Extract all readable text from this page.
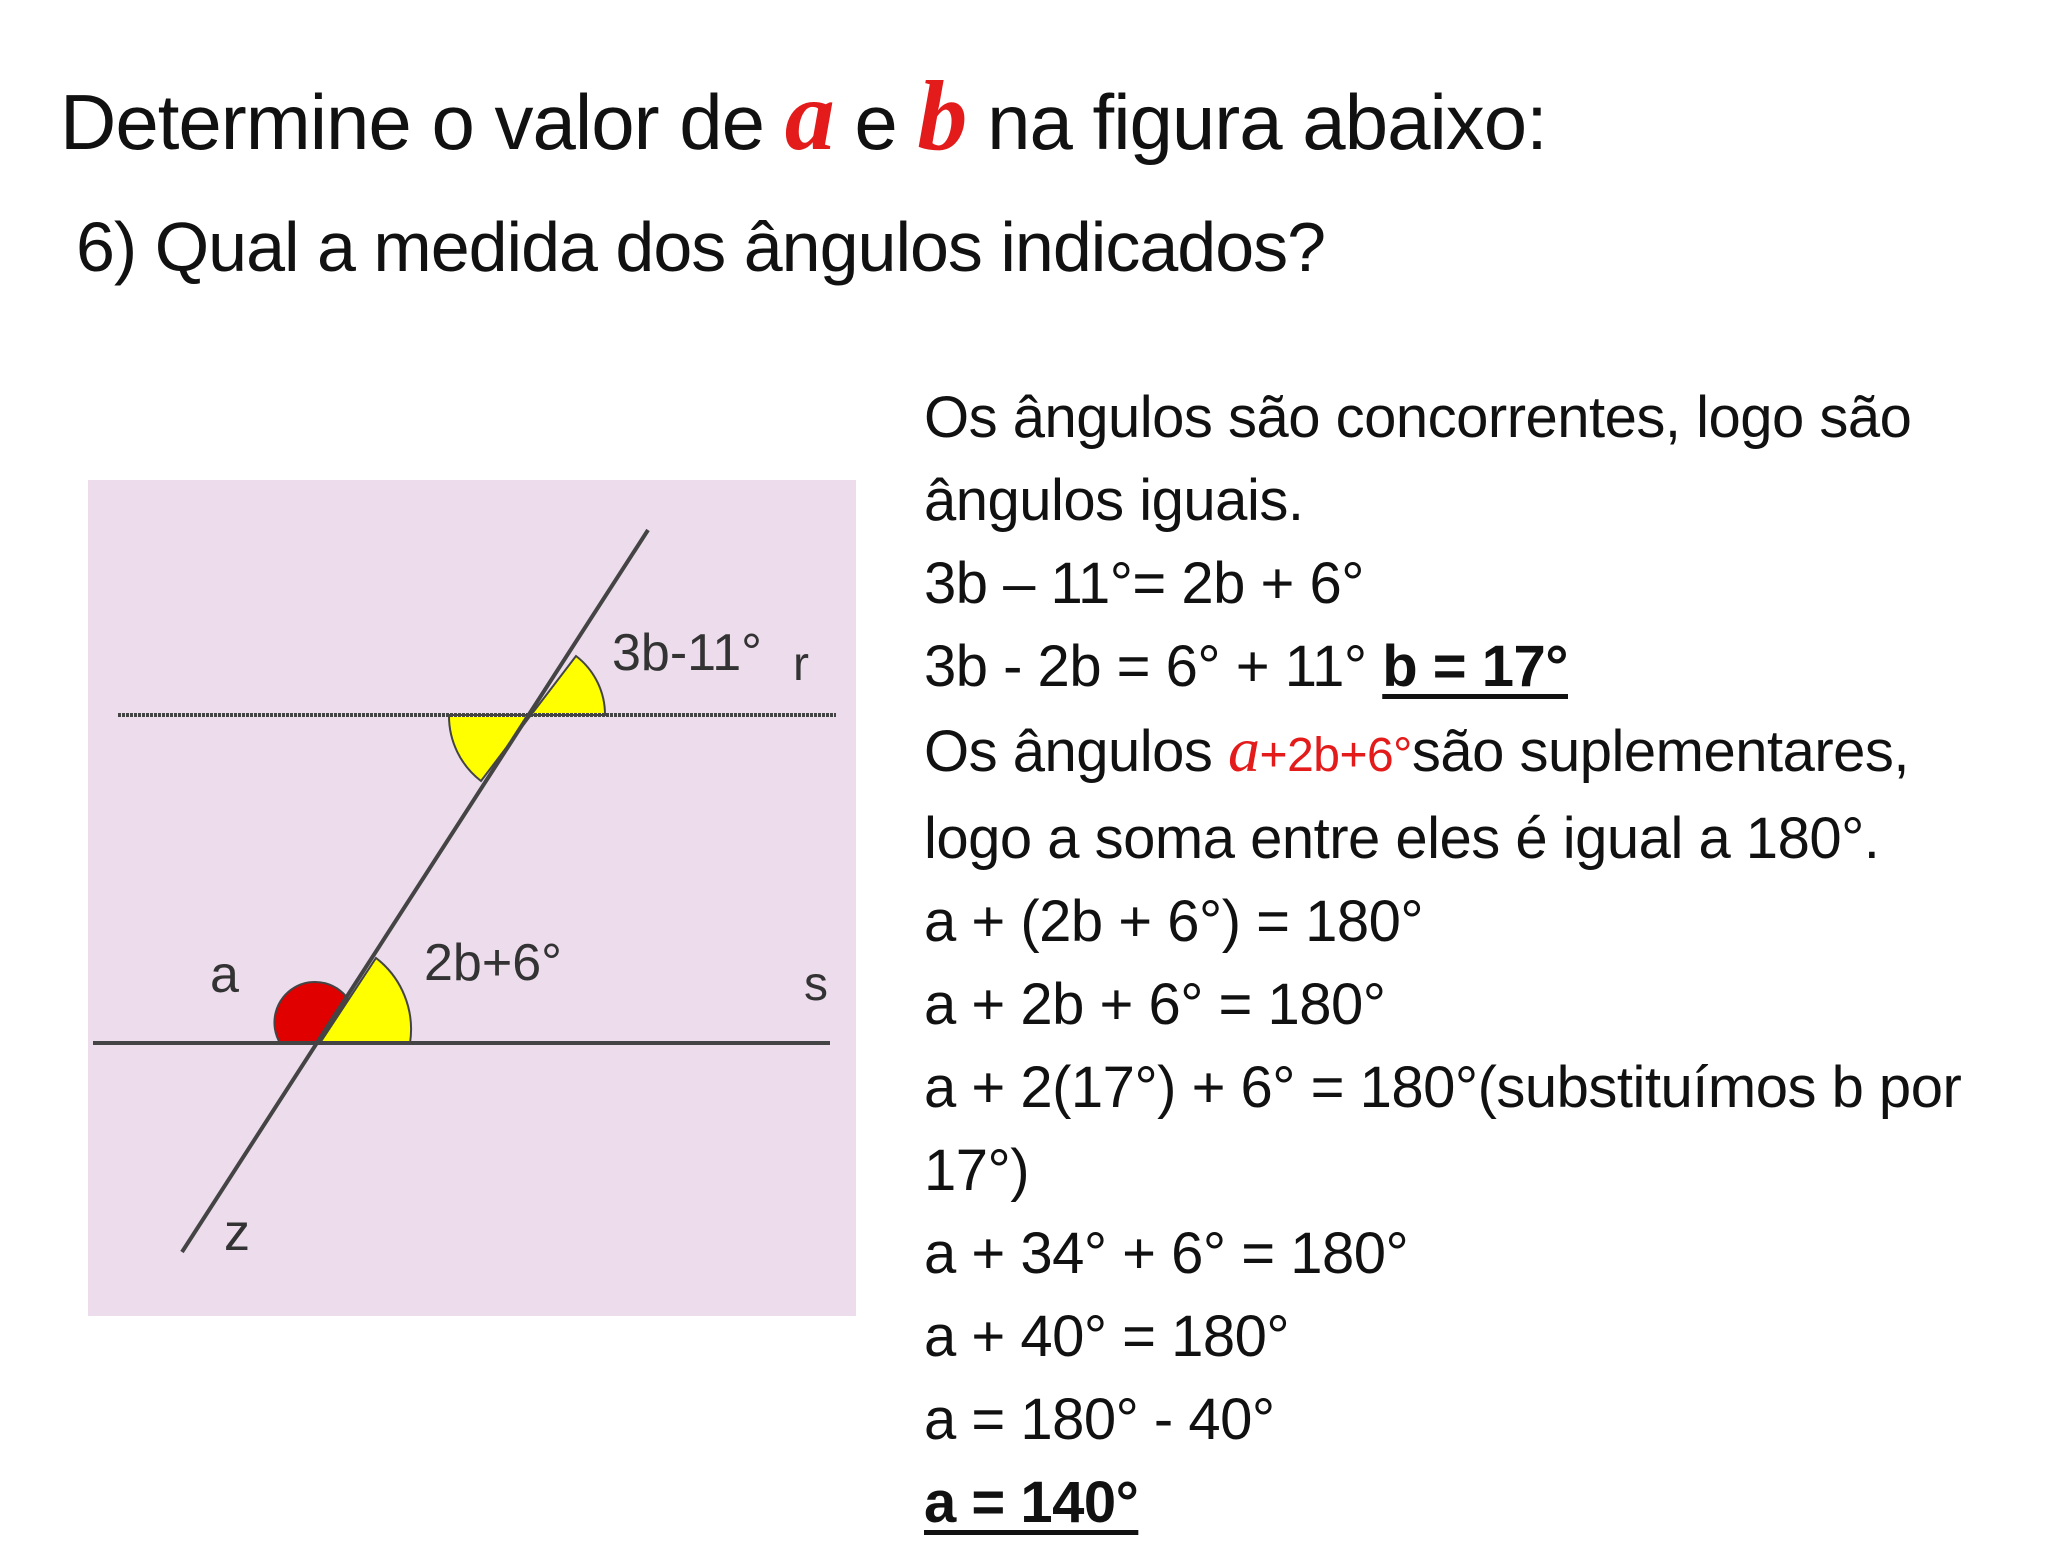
Determine o valor de a e b na figura abaixo:
6) Qual a medida dos ângulos indicados?
3b-11° r
2b+6°
a	s
z
Os ângulos são concorrentes, logo são ângulos iguais.
3b – 11°= 2b + 6°
3b - 2b = 6° + 11° b = 17°
Os ângulos a+2b+6°são suplementares,
logo a soma entre eles é igual a 180°.
a + (2b + 6°) = 180°
a + 2b + 6° = 180°
a + 2(17°) + 6° = 180°(substituímos b por 17°)
a + 34° + 6° = 180°
a + 40° = 180°
a = 180° - 40°
a = 140°
